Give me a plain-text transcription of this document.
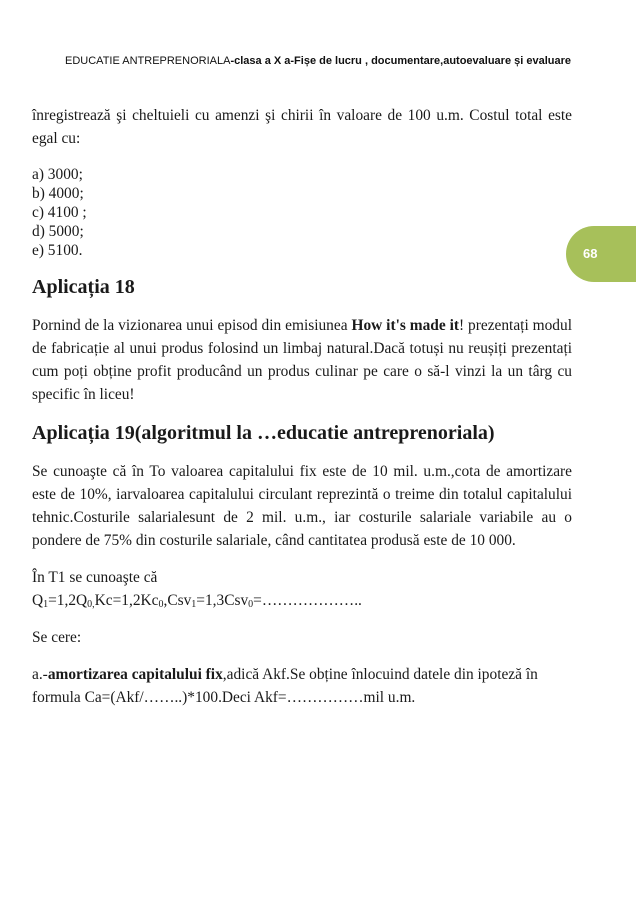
EDUCATIE ANTREPRENORIALA-clasa a X a-Fișe de lucru , documentare,autoevaluare și evaluare
68

înregistrează şi cheltuieli cu amenzi şi chirii în valoare de 100 u.m. Costul total este egal cu:

a) 3000;
b) 4000;
c) 4100 ;
d) 5000;
e) 5100.
Aplicația 18

Pornind de la vizionarea unui episod din emisiunea How it's made it! prezentați modul de fabricație al unui produs folosind un limbaj natural.Dacă totuși nu reușiți prezentați cum poți obține profit producând un produs culinar pe care o să-l vinzi la un târg cu specific în liceu!

Aplicația 19(algoritmul la …educatie antreprenoriala)

Se cunoaşte că în To valoarea capitalului fix este de 10 mil. u.m.,cota de amortizare este de 10%, iarvaloarea capitalului circulant reprezintă o treime din totalul capitalului tehnic.Costurile salarialesunt de 2 mil. u.m., iar costurile salariale variabile au o pondere de 75% din costurile salariale, când cantitatea produsă este de 10 000.

În T1 se cunoaşte că

$Q_1=1,2Q_{0,}Kc=1,2Kc_0,Csv_1=1,3Csv_0=\dots\dots\dots\dots\dots\dots$..

Se cere:

a.-amortizarea capitalului fix,adică Akf.Se obține înlocuind datele din ipoteză în formula Ca=(Akf/……..)*100.Deci Akf=……………mil u.m.
